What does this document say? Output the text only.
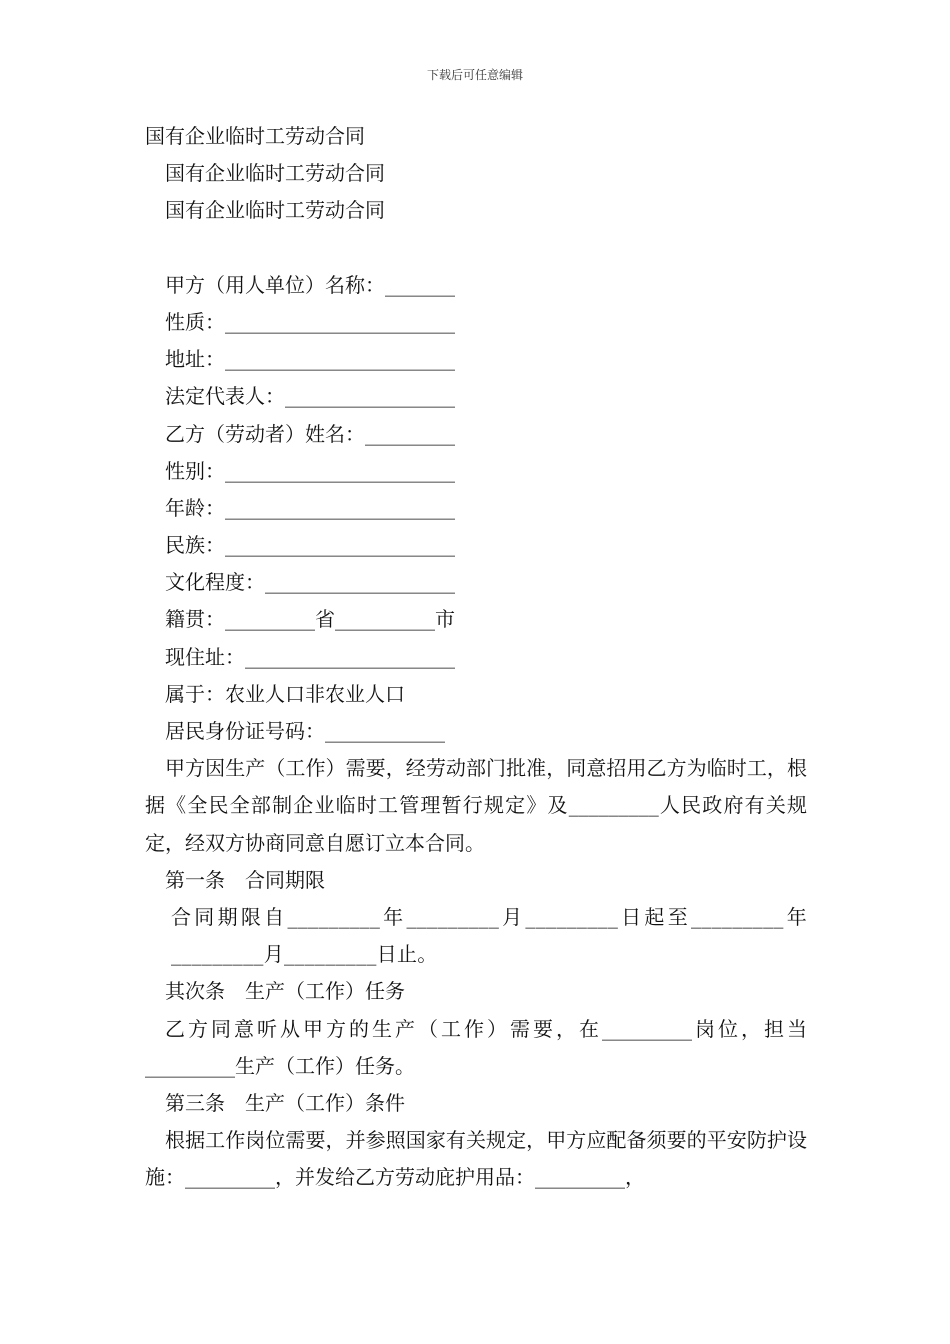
下载后可任意编辑
国有企业临时工劳动合同
国有企业临时工劳动合同
国有企业临时工劳动合同
甲方（用人单位）名称：_______
性质：_______________________
地址：_______________________
法定代表人：_________________
乙方（劳动者）姓名：_________
性别：_______________________
年龄：_______________________
民族：_______________________
文化程度：___________________
籍贯：_________省__________市
现住址：_____________________
属于：农业人口非农业人口
居民身份证号码：____________
甲方因生产（工作）需要，经劳动部门批准，同意招用乙方为临时工，根据《全民全部制企业临时工管理暂行规定》及_________人民政府有关规定，经双方协商同意自愿订立本合同。
第一条　合同期限
合同期限自_________年_________月_________日起至_________年_________月_________日止。
其次条　生产（工作）任务
乙方同意听从甲方的生产（工作）需要，在_________岗位，担当_________生产（工作）任务。
第三条　生产（工作）条件
根据工作岗位需要，并参照国家有关规定，甲方应配备须要的平安防护设施：_________，并发给乙方劳动庇护用品：_________，
